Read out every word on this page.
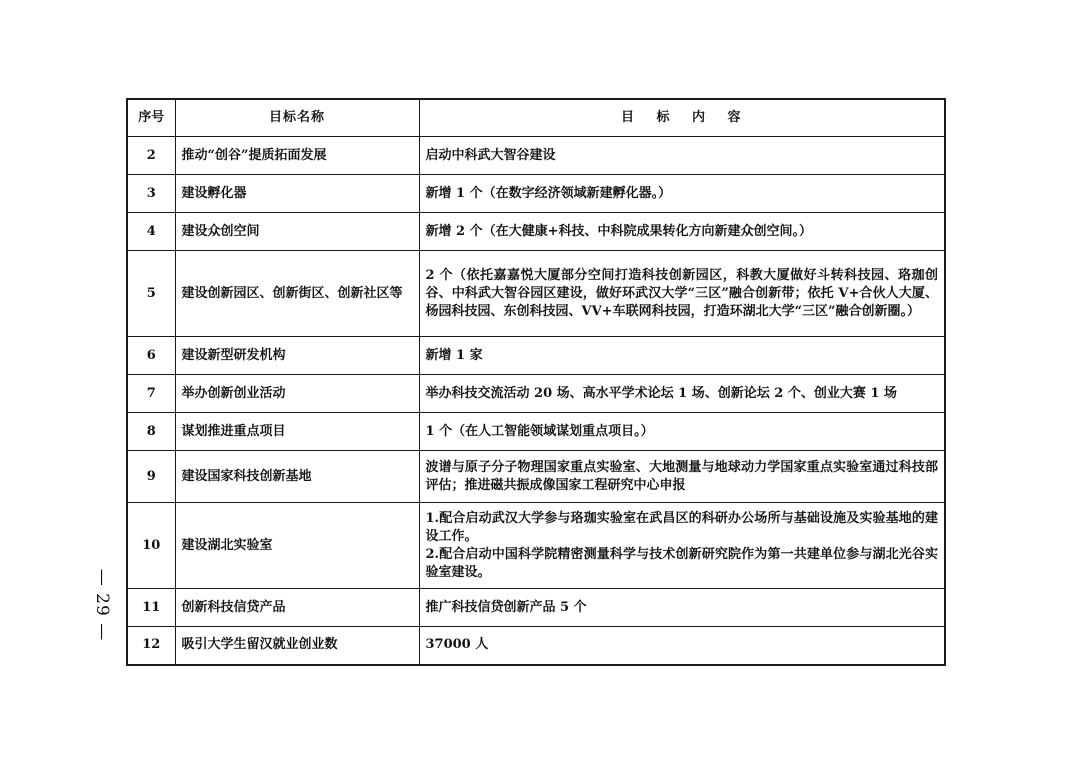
— 29 —
序号	目标名称	目 标 内 容
2	推动“创谷”提质拓面发展	启动中科武大智谷建设

3	建设孵化器	新增 1 个（在数字经济领域新建孵化器。）

4	建设众创空间	新增 2 个（在大健康+科技、中科院成果转化方向新建众创空间。）

5	建设创新园区、创新街区、创新社区等	2 个（依托嘉嘉悦大厦部分空间打造科技创新园区，科教大厦做好斗转科技园、珞珈创谷、中科武大智谷园区建设，做好环武汉大学“三区”融合创新带；依托 V+合伙人大厦、杨园科技园、东创科技园、VV+车联网科技园，打造环湖北大学“三区”融合创新圈。）

6	建设新型研发机构	新增 1 家

7	举办创新创业活动	举办科技交流活动 20 场、高水平学术论坛 1 场、创新论坛 2 个、创业大赛 1 场

8	谋划推进重点项目	1 个（在人工智能领域谋划重点项目。）

9	建设国家科技创新基地	波谱与原子分子物理国家重点实验室、大地测量与地球动力学国家重点实验室通过科技部评估；推进磁共振成像国家工程研究中心申报

10	建设湖北实验室	1.配合启动武汉大学参与珞珈实验室在武昌区的科研办公场所与基础设施及实验基地的建设工作。
2.配合启动中国科学院精密测量科学与技术创新研究院作为第一共建单位参与湖北光谷实验室建设。

11	创新科技信贷产品	推广科技信贷创新产品 5 个

12	吸引大学生留汉就业创业数	37000 人
